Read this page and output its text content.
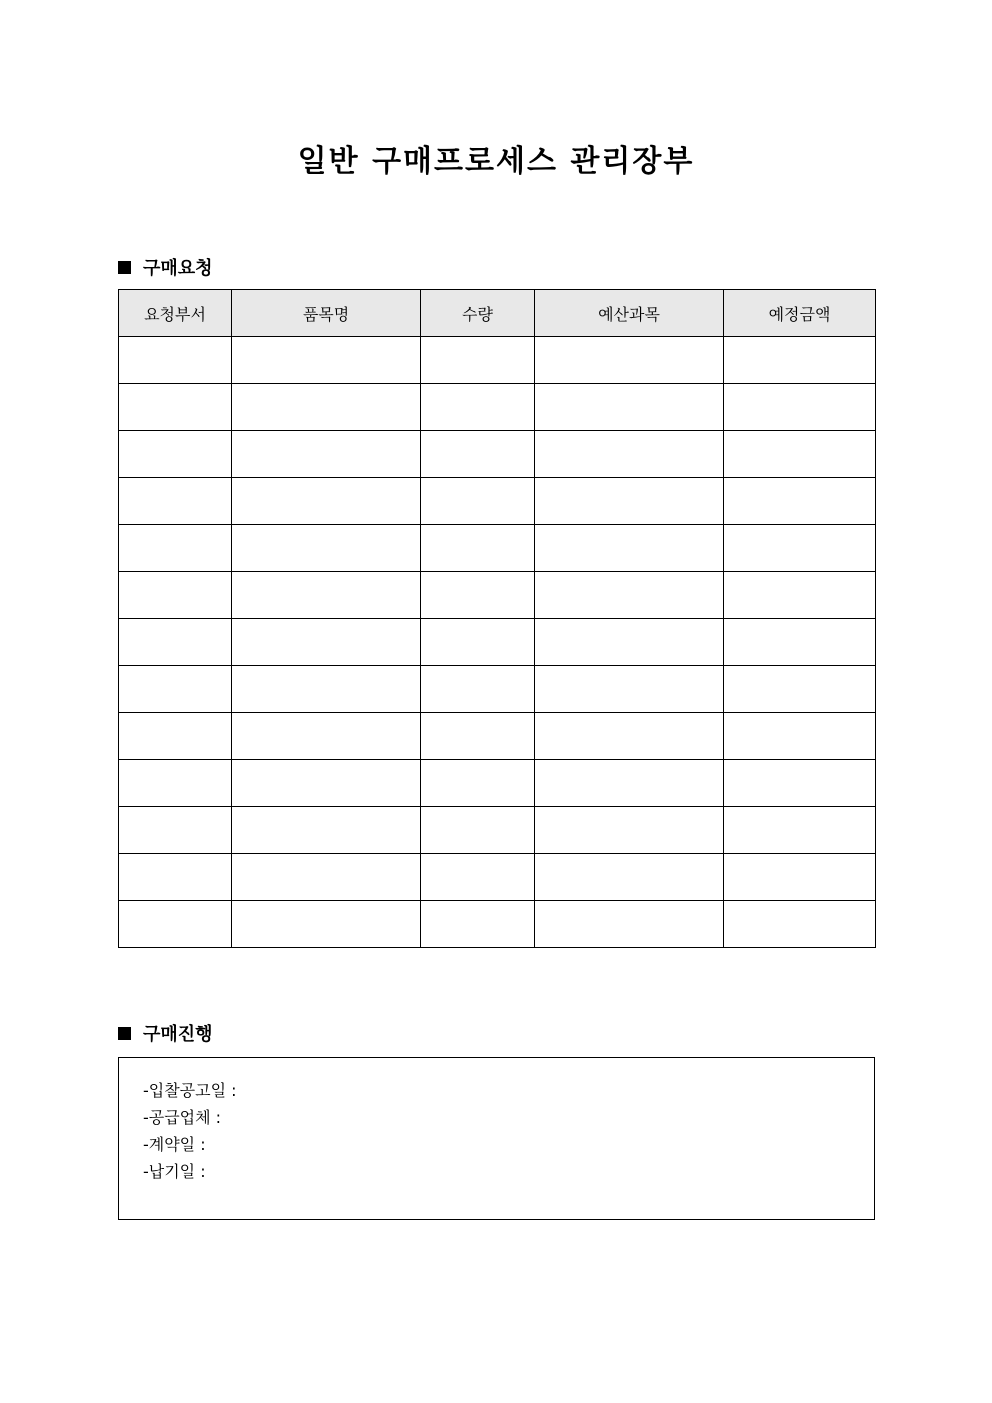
일반 구매프로세스 관리장부
구매요청
요청부서	품목명	수량	예산과목	예정금액

구매진행
-입찰공고일 :
-공급업체 :
-계약일 :
-납기일 :
